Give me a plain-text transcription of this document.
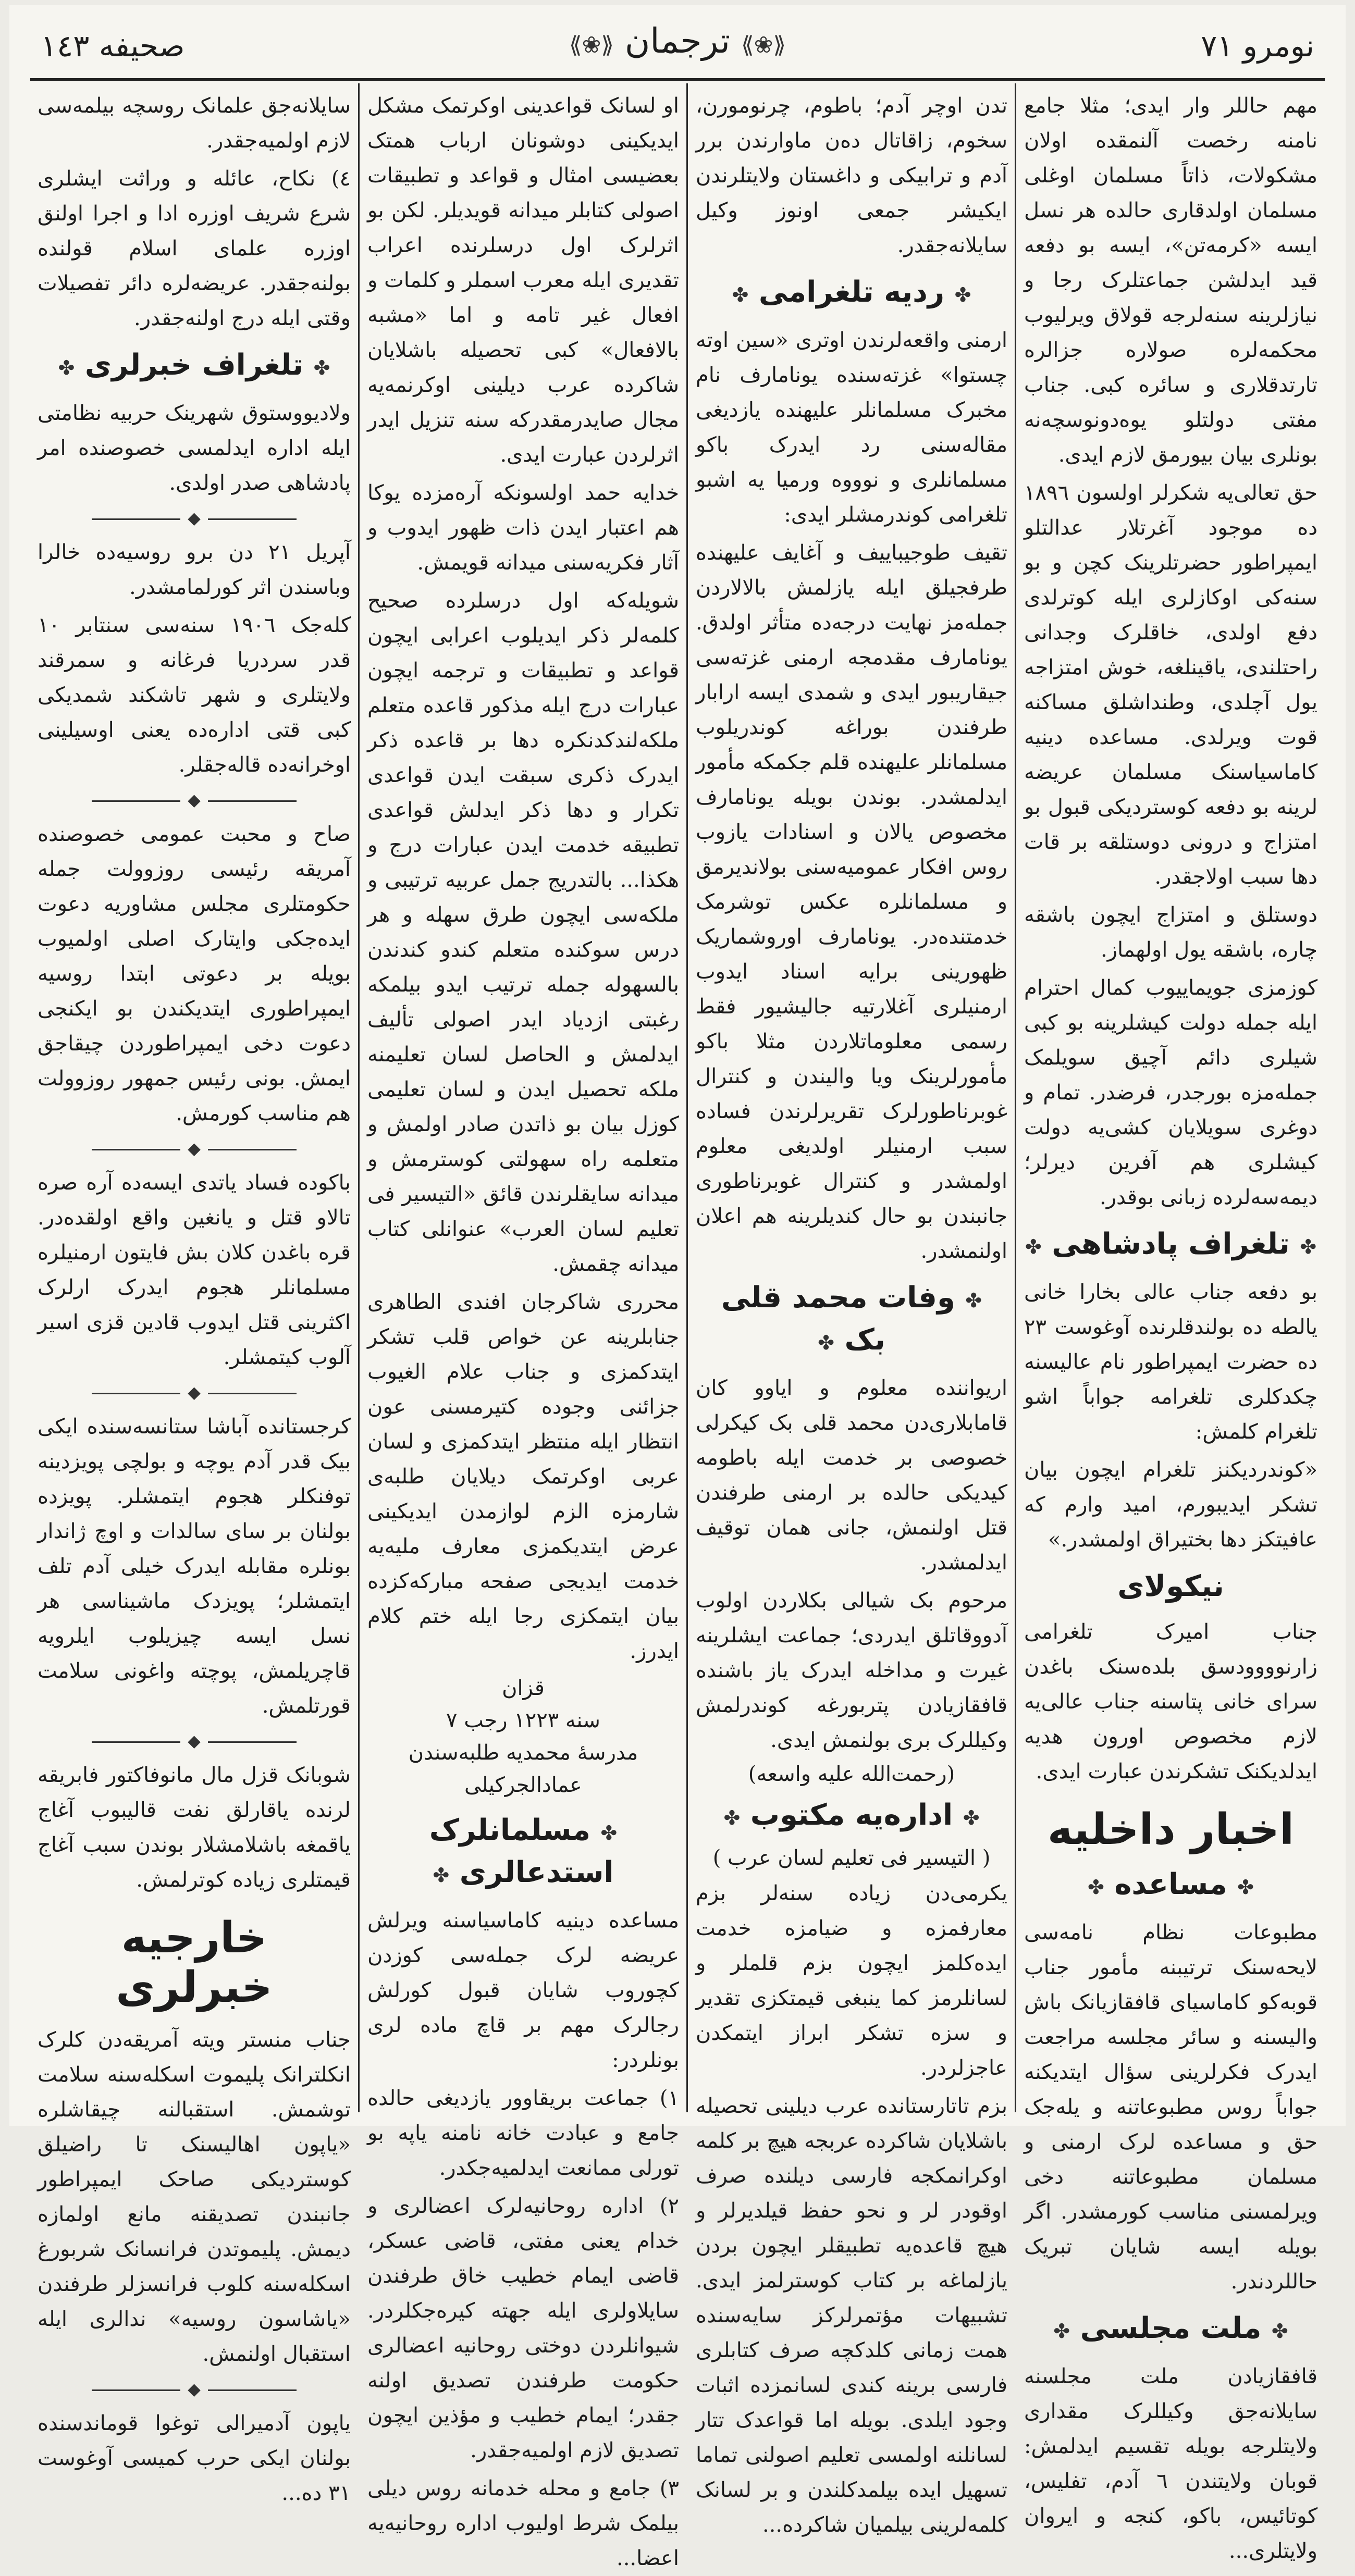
نومرو ٧١
⟪❀⟫ ترجمان ⟪❀⟫
صحیفه ١٤٣

مهم حاللر وار ایدی؛ مثلا جامع نامنه رخصت آلنمقده اولان مشکولات، ذاتاً مسلمان اوغلی مسلمان اولدقاری حالده هر نسل ایسه «کرمه‌تن»، ایسه بو دفعه قید ایدلشن جماعتلرک رجا و نیازلرینه سنه‌لرجه قولاق ویرلیوب محکمه‌لره صولاره جزالره تارتدقلاری و سائره کبی. جناب مفتی دولتلو یوه‌دونوسچه‌نه بونلری بیان بیورمق لازم ایدی.

حق تعالی‌یه شکرلر اولسون ١٨٩٦ ده موجود آغرتلار عدالتلو ایمپراطور حضرتلرینک کچن و بو سنه‌کی اوکازلری ایله کوترلدی دفع اولدی، خاقلرک وجدانی راحتلندی، یاقینلغه، خوش امتزاجه یول آچلدی، وطنداشلق مساکنه قوت ویرلدی. مساعده دینیه کاماسیاسنک مسلمان عریضه لرینه بو دفعه کوستردیکی قبول بو امتزاج و درونی دوستلقه بر قات دها سبب اولاجقدر.

دوستلق و امتزاج ایچون باشقه چاره، باشقه یول اولهماز.

کوزمزی جویماییوب کمال احترام ایله جمله دولت کیشلرینه بو کبی شیلری دائم آچیق سویلمک جمله‌مزه بورجدر، فرضدر. تمام و دوغری سویلایان کشی‌یه دولت کیشلری هم آفرین دیرلر؛ دیمه‌سه‌لرده زبانی بوقدر.

✤ تلغراف پادشاهی ✤

بو دفعه جناب عالی بخارا خانی یالطه ده بولندقلرنده آوغوست ٢٣ ده حضرت ایمپراطور نام عالیسنه چکدکلری تلغرامه جواباً اشو تلغرام کلمش:

«کوندردیکنز تلغرام ایچون بیان تشکر ایدیبورم، امید وارم که عافیتکز دها بختیراق اولمشدر.»

نیکولای

جناب امیرک تلغرامی زارنوووودسق بلده‌سنک باغدن سرای خانی پتاسنه جناب عالی‌یه لازم مخصوص اورون هدیه ایدلدیکنک تشکرندن عبارت ایدی.

اخبار داخلیه
✤ مساعده ✤

مطبوعات نظام نامه‌سی لایحه‌سنک ترتیبنه مأمور جناب قوبه‌کو کاماسیای قافقازیانک باش والیسنه و سائر مجلسه مراجعت ایدرک فکرلرینی سؤال ایتدیکنه جواباً روس مطبوعاتنه و یله‌جک حق و مساعده لرک ارمنی و مسلمان مطبوعاتنه دخی ویرلمسنی مناسب کورمشدر. اگر بویله ایسه شایان تبریک حاللردندر.

✤ ملت مجلسی ✤

قافقازیادن ملت مجلسنه سایلانه‌جق وکیللرک مقداری ولایتلرجه بویله تقسیم ایدلمش: قوبان ولایتندن ٦ آدم، تفلیس، کوتائیس، باکو، کنجه و ایروان ولایتلری...

تدن اوچر آدم؛ باطوم، چرنومورن، سخوم، زاقاتال ده‌ن ماوارندن برر آدم و ترابیکی و داغستان ولایتلرندن ایکیشر جمعی اونوز وکیل سایلانه‌جقدر.

✤ ردیه تلغرامی ✤

ارمنی واقعه‌لرندن اوتری «سین اوته چستوا» غزته‌سنده یونامارف نام مخبرک مسلمانلر علیهنده یازدیغی مقاله‌سنی رد ایدرک باکو مسلمانلری و نوووه ورمیا یه اشبو تلغرامی کوندرمشلر ایدی:

تقیف طوجیباییف و آغایف علیهنده طرفجیلق ایله یازلمش بالالاردن جمله‌مز نهایت درجه‌ده متأثر اولدق. یونامارف مقدمجه ارمنی غزته‌سی جیقاریبور ایدی و شمدی ایسه ارابار طرفندن بوراغه کوندریلوب مسلمانلر علیهنده قلم جکمکه مأمور ایدلمشدر. بوندن بویله یونامارف مخصوص یالان و اسنادات یازوب روس افکار عمومیه‌سنی بولاندیرمق و مسلمانلره عکس توشرمک خدمتنده‌در. یونامارف اوروشماریک ظهورینی برایه اسناد ایدوب ارمنیلری آغلارتیه جالیشیور فقط رسمی معلوماتلاردن مثلا باکو مأمورلرینک ویا والیندن و کنترال غوبرناطورلرک تقریرلرندن فساده سبب ارمنیلر اولدیغی معلوم اولمشدر و کنترال غوبرناطوری جانبندن بو حال کندیلرینه هم اعلان اولنمشدر.

✤ وفات محمد قلی بک ✤

اریواننده معلوم و ایاوو کان قامابلاری‌دن محمد قلی بک کیکرلی خصوصی بر خدمت ایله باطومه کیدیکی حالده بر ارمنی طرفندن قتل اولنمش، جانی همان توقیف ایدلمشدر.

مرحوم بک شیالی بکلاردن اولوب آدووقاتلق ایدردی؛ جماعت ایشلرینه غیرت و مداخله ایدرک یاز باشنده قافقازیادن پتربورغه کوندرلمش وکیللرک بری بولنمش ایدی.

(رحمت‌الله علیه واسعه)
✤ اداره‌یه مکتوب ✤
( التیسیر فی تعلیم لسان عرب )

یکرمی‌دن زیاده سنه‌لر بزم معارفمزه و ضیامزه خدمت ایده‌کلمز ایچون بزم قلملر و لسانلرمز کما ینبغی قیمتکزی تقدیر و سزه تشکر ابراز ایتمکدن عاجزلردر.

بزم تاتارستانده عرب دیلینی تحصیله باشلایان شاکرده عربجه هیچ بر کلمه اوکرانمکجه فارسی دیلنده صرف اوقودر لر و نحو حفظ قیلدیرلر و هیچ قاعده‌یه تطبیقلر ایچون بردن یازلماغه بر کتاب کوسترلمز ایدی. تشبیهات مؤتمرلرکز سایه‌سنده همت زمانی کلدکچه صرف کتابلری فارسی برینه کندی لسانمزده اثبات وجود ایلدی. بویله اما قواعدک تتار لسانلنه اولمسی تعلیم اصولنی تماما تسهیل ایده بیلمدکلندن و بر لسانک کلمه‌لرینی بیلمیان شاکرده...

او لسانک قواعدینی اوکرتمک مشکل ایدیکینی دوشونان ارباب همتک بعضیسی امثال و قواعد و تطبیقات اصولی کتابلر میدانه قویدیلر. لکن بو اثرلرک اول درسلرنده اعراب تقدیری ایله معرب اسملر و کلمات و افعال غیر تامه و اما «مشبه بالافعال» کبی تحصیله باشلایان شاکرده عرب دیلینی اوکرنمه‌یه مجال صایدرمقدرکه سنه تنزیل ایدر اثرلردن عبارت ایدی.

خدایه حمد اولسونکه آره‌مزده یوکا هم اعتبار ایدن ذات ظهور ایدوب و آثار فکریه‌سنی میدانه قویمش.

شویله‌که اول درسلرده صحیح کلمه‌لر ذکر ایدیلوب اعرابی ایچون قواعد و تطبیقات و ترجمه ایچون عبارات درج ایله مذکور قاعده متعلم ملکه‌لندکدنکره دها بر قاعده ذکر ایدرک ذکری سبقت ایدن قواعدی تکرار و دها ذکر ایدلش قواعدی تطبیقه خدمت ایدن عبارات درج و هکذا... بالتدریج جمل عربیه ترتیبی و ملکه‌سی ایچون طرق سهله و هر درس سوکنده متعلم کندو کندندن بالسهوله جمله ترتیب ایدو بیلمکه رغبتی ازدیاد ایدر اصولی تألیف ایدلمش و الحاصل لسان تعلیمنه ملکه تحصیل ایدن و لسان تعلیمی کوزل بیان بو ذاتدن صادر اولمش و متعلمه راه سهولتی کوسترمش و میدانه سایقلرندن قائق «التیسیر فی تعلیم لسان العرب» عنوانلی کتاب میدانه چقمش.

محرری شاکرجان افندی الطاهری جنابلرینه عن خواص قلب تشکر ایتدکمزی و جناب علام الغیوب جزائنی وجوده کتیرمسنی عون انتظار ایله منتظر ایتدکمزی و لسان عربی اوکرتمک دیلایان طلبه‌ی شارمزه الزم لوازمدن ایدیکینی عرض ایتدیکمزی معارف ملیه‌یه خدمت ایدیجی صفحه مبارکه‌کزده بیان ایتمکزی رجا ایله ختم کلام ایدرز.

قزان
سنه ١٢٢٣ رجب ٧
مدرسهٔ محمدیه طلبه‌سندن
عمادالجرکیلی
✤ مسلمانلرک استدعالری ✤

مساعده دینیه کاماسیاسنه ویرلش عریضه لرک جمله‌سی کوزدن کچوروب شایان قبول کورلش رجالرک مهم بر قاچ ماده لری بونلردر:

١) جماعت بریقاوور یازدیغی حالده جامع و عبادت خانه نامنه یاپه بو تورلی ممانعت ایدلمیه‌جکدر.

٢) اداره روحانیه‌لرک اعضالری و خدام یعنی مفتی، قاضی عسکر، قاضی ایمام خطیب خاق طرفندن سایلاولری ایله جهته کیره‌جکلردر. شیوانلردن دوختی روحانیه اعضالری حکومت طرفندن تصدیق اولنه جقدر؛ ایمام خطیب و مؤذین ایچون تصدیق لازم اولمیه‌جقدر.

٣) جامع و محله خدمانه روس دیلی بیلمک شرط اولیوب اداره روحانیه‌یه اعضا...

سایلانه‌جق علمانک روسچه بیلمه‌سی لازم اولمیه‌جقدر.

٤) نکاح، عائله و وراثت ایشلری شرع شریف اوزره ادا و اجرا اولنق اوزره علمای اسلام قولنده بولنه‌جقدر. عریضه‌لره دائر تفصیلات وقتی ایله درج اولنه‌جقدر.

✤ تلغراف خبرلری ✤

ولادیووستوق شهرینک حربیه نظامتی ایله اداره ایدلمسی خصوصنده امر پادشاهی صدر اولدی.

◆

آپریل ٢١ دن برو روسیه‌ده خالرا وباسندن اثر کورلمامشدر.

کله‌جک ١٩٠٦ سنه‌سی سنتابر ١٠ قدر سردریا فرغانه و سمرقند ولایتلری و شهر تاشکند شمدیکی کبی قتی اداره‌ده یعنی اوسیلینی اوخرانه‌ده قاله‌جقلر.

◆

صاح و محبت عمومی خصوصنده آمریقه رئیسی روزوولت جمله حکومتلری مجلس مشاوریه دعوت ایده‌جکی وایتارک اصلی اولمیوب بویله بر دعوتی ابتدا روسیه ایمپراطوری ایتدیکندن بو ایکنجی دعوت دخی ایمپراطوردن چیقاجق ایمش. بونی رئیس جمهور روزوولت هم مناسب کورمش.

◆

باکوده فساد یاتدی ایسه‌ده آره صره تالاو قتل و یانغین واقع اولقده‌در. قره باغدن کلان بش فایتون ارمنیلره مسلمانلر هجوم ایدرک ارلرک اکثرینی قتل ایدوب قادین قزی اسیر آلوب کیتمشلر.

◆

کرجستانده آباشا ستانسه‌سنده ایکی بیک قدر آدم یوچه و بولچی پویزدینه توفنکلر هجوم ایتمشلر. پویزده بولنان بر سای سالدات و اوچ ژاندار بونلره مقابله ایدرک خیلی آدم تلف ایتمشلر؛ پویزدک ماشیناسی هر نسل ایسه چیزیلوب ایلرویه قاچریلمش، پوچته واغونی سلامت قورتلمش.

◆

شوبانک قزل مال مانوفاکتور فابریقه لرنده یاقارلق نفت قالیبوب آغاج یاقمغه باشلامشلار بوندن سبب آغاج قیمتلری زیاده کوترلمش.

خارجیه خبرلری

جناب منستر ویته آمریقه‌دن کلرک انکلترانک پلیموت اسکله‌سنه سلامت توشمش. استقبالنه چیقاشلره «یاپون اهالیسنک تا راضیلق کوستردیکی صاحک ایمپراطور جانبندن تصدیقنه مانع اولمازه دیمش. پلیموتدن فرانسانک شربورغ اسکله‌سنه کلوب فرانسزلر طرفندن «یاشاسون روسیه» ندالری ایله استقبال اولنمش.

◆

یاپون آدمیرالی توغوا قوماندسنده بولنان ایکی حرب کمیسی آوغوست ٣١ ده...
